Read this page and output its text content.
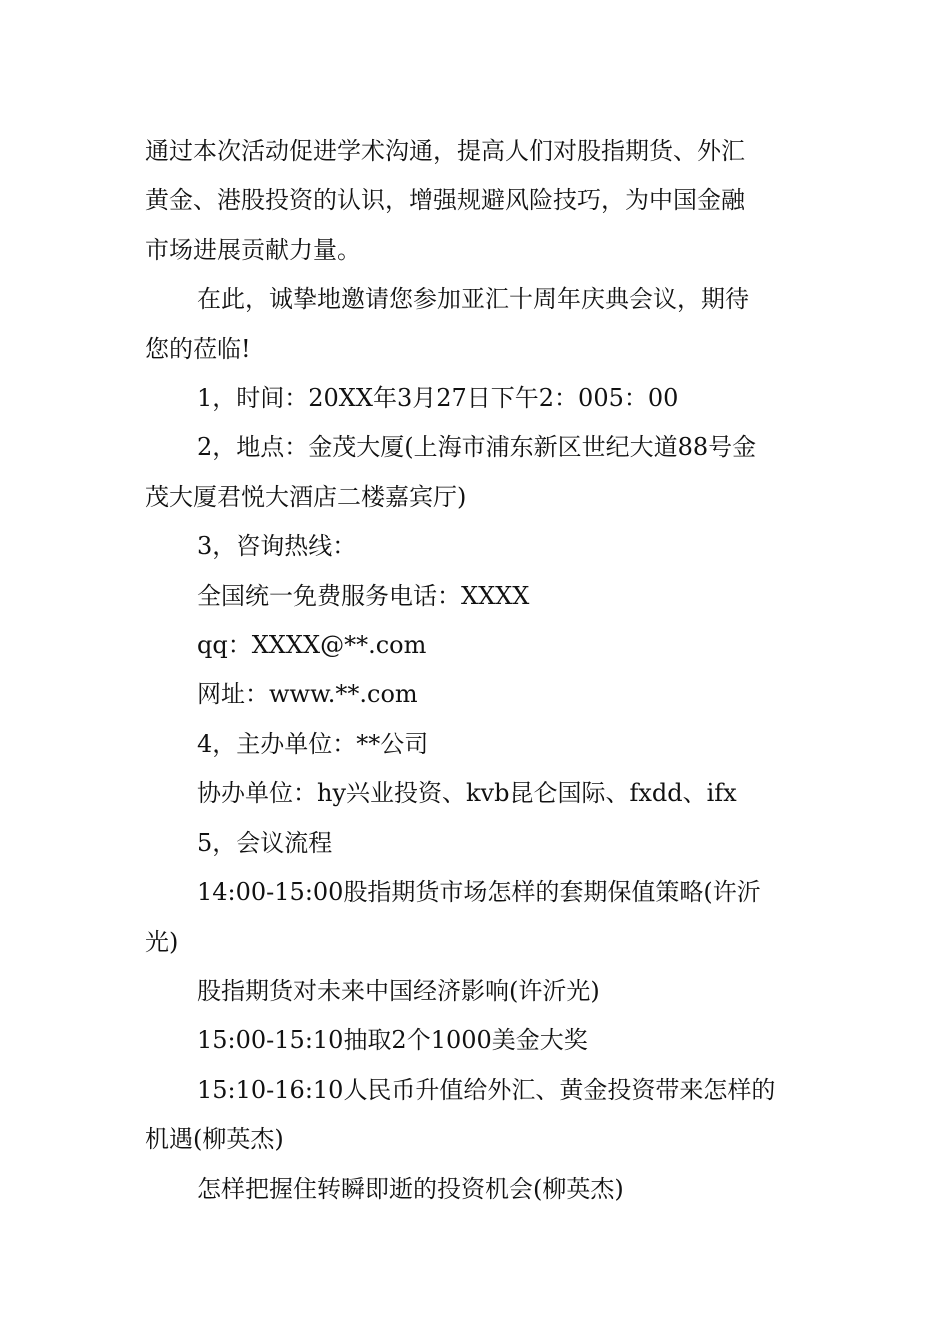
通过本次活动促进学术沟通，提高人们对股指期货、外汇
黄金、港股投资的认识，增强规避风险技巧，为中国金融
市场进展贡献力量。
在此，诚挚地邀请您参加亚汇十周年庆典会议，期待
您的莅临!
1，时间：20XX年3月27日下午2：005：00
2，地点：金茂大厦(上海市浦东新区世纪大道88号金
茂大厦君悦大酒店二楼嘉宾厅)
3，咨询热线：
全国统一免费服务电话：XXXX
qq：XXXX@**.com
网址：www.**.com
4，主办单位：**公司
协办单位：hy兴业投资、kvb昆仑国际、fxdd、ifx
5，会议流程
14:00-15:00股指期货市场怎样的套期保值策略(许沂
光)
股指期货对未来中国经济影响(许沂光)
15:00-15:10抽取2个1000美金大奖
15:10-16:10人民币升值给外汇、黄金投资带来怎样的
机遇(柳英杰)
怎样把握住转瞬即逝的投资机会(柳英杰)
